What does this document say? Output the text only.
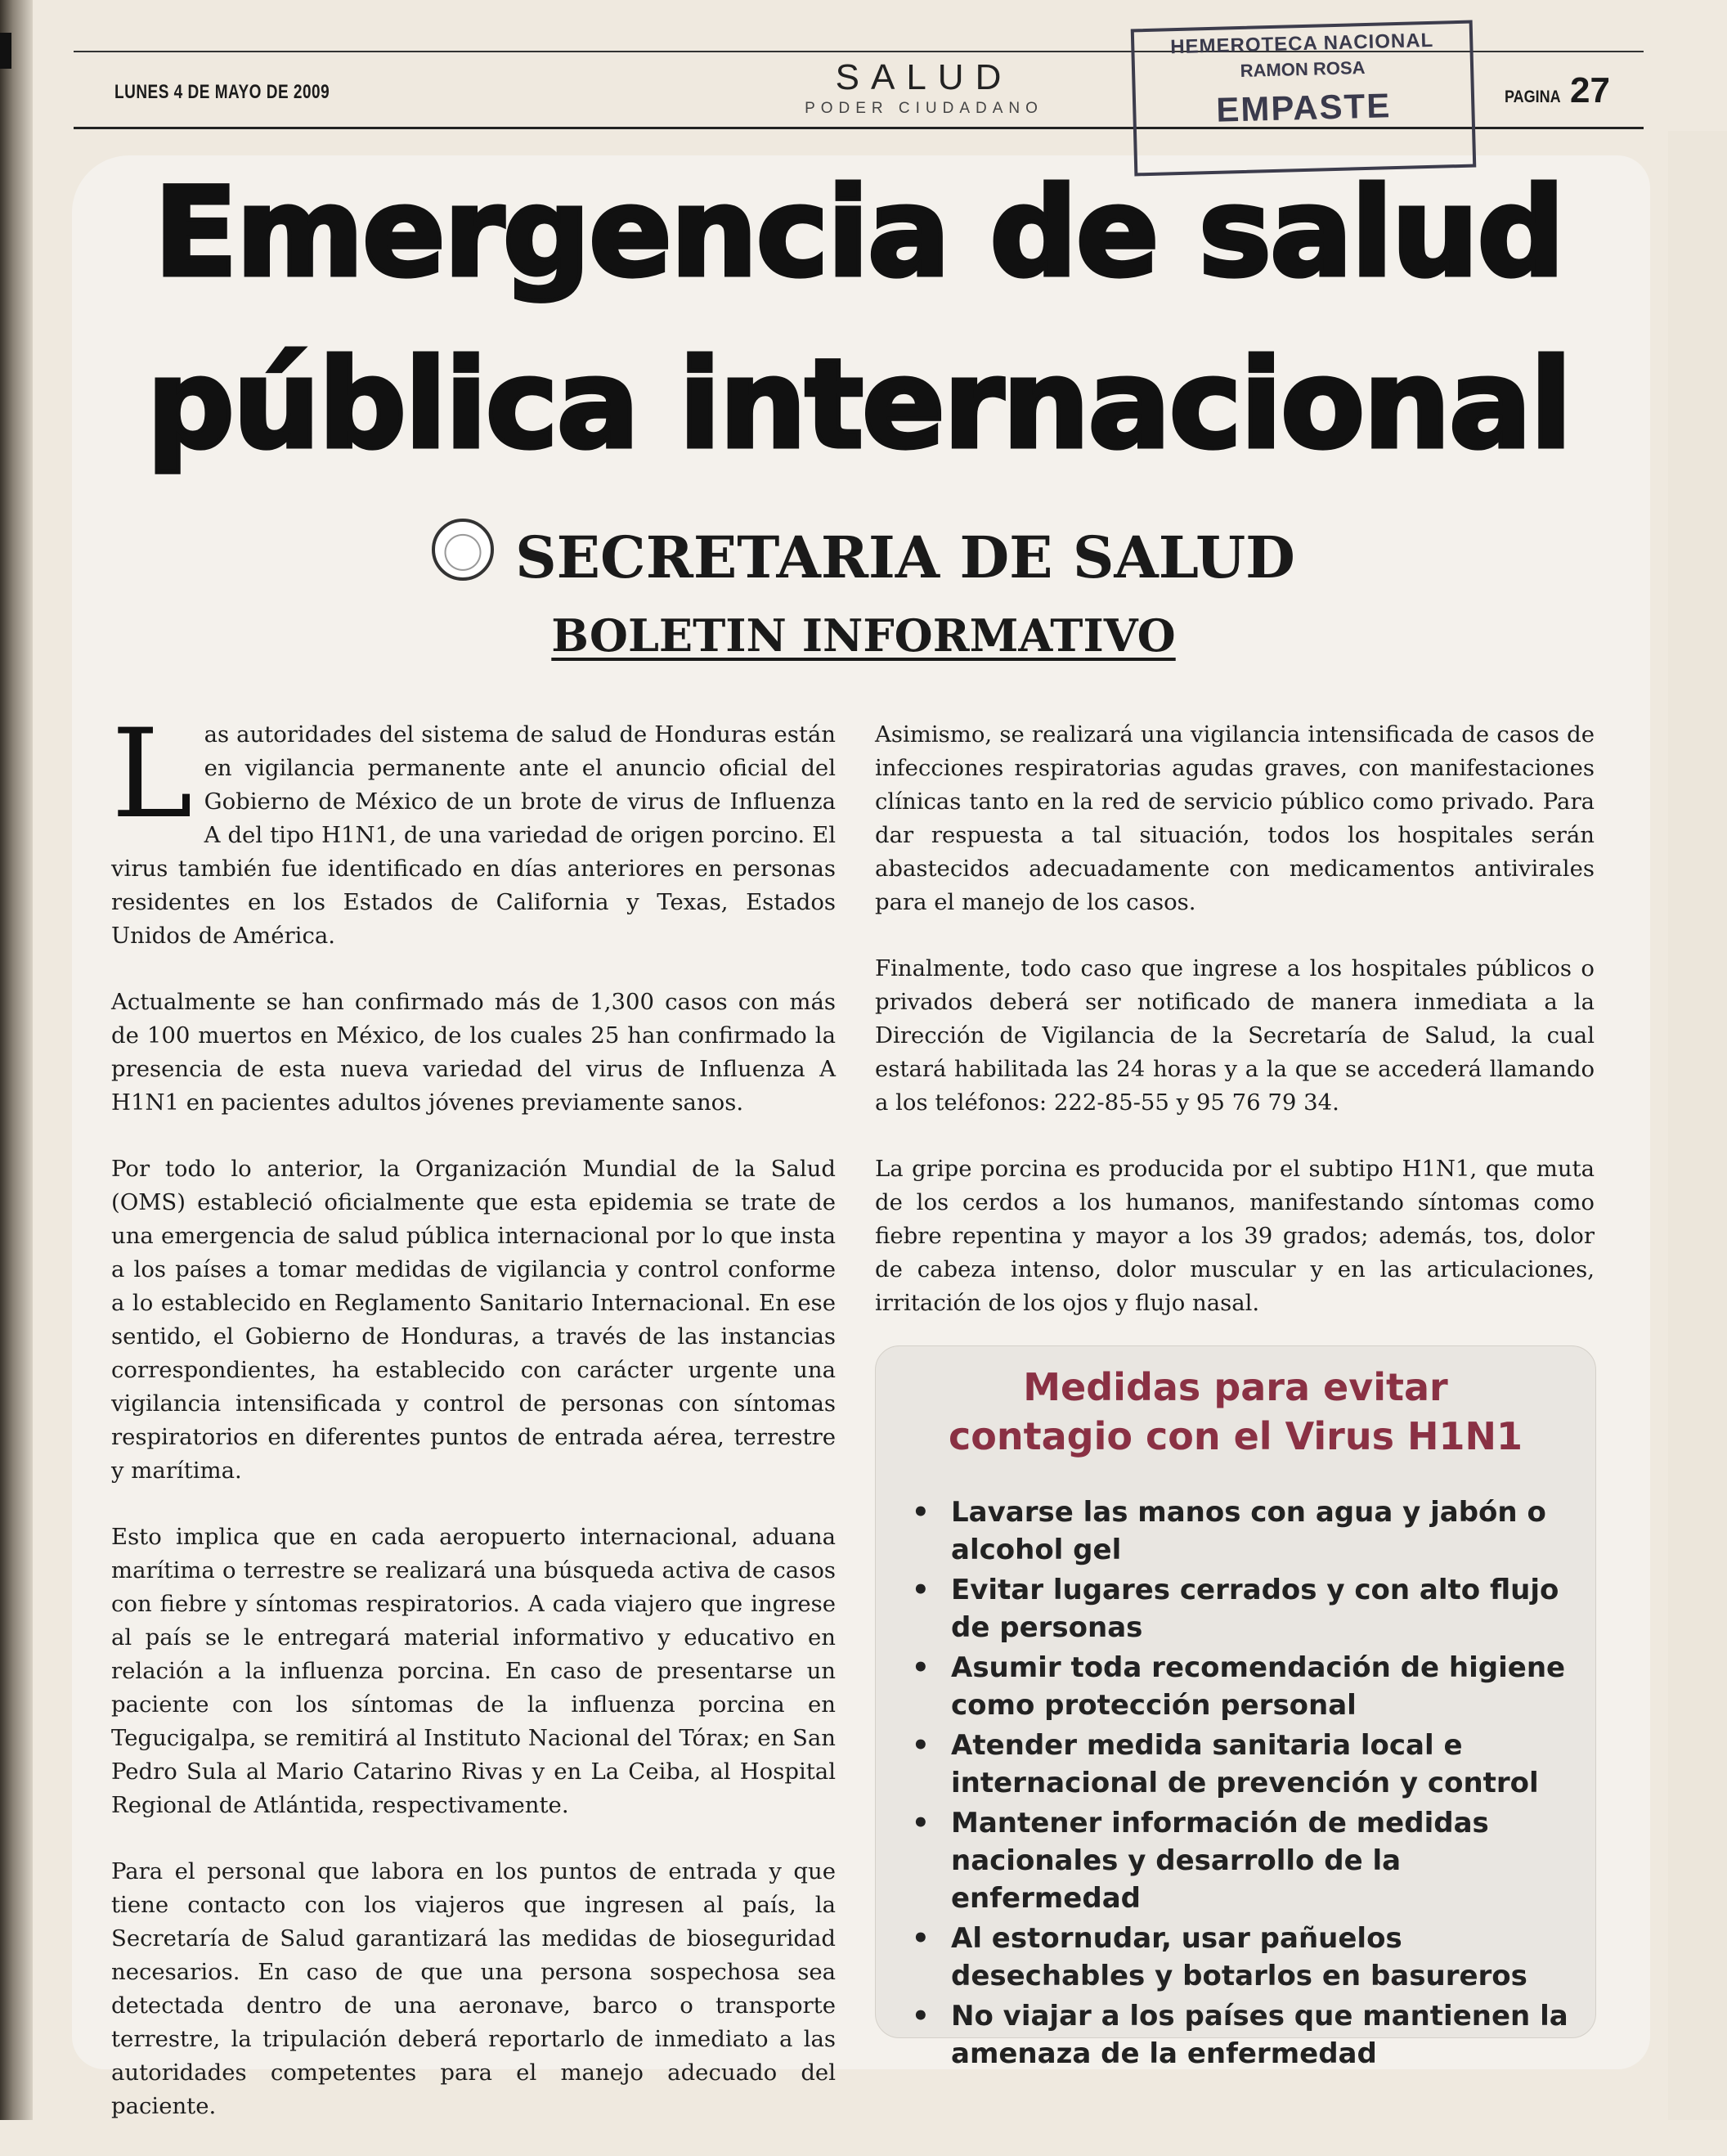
LUNES 4 DE MAYO DE 2009	SALUD
PODER CIUDADANO
PAGINA 27
HEMEROTECA NACIONAL
RAMON ROSA
EMPASTE
Emergencia de salud
pública internacional
SECRETARIA DE SALUD
BOLETIN INFORMATIVO

Las autoridades del sistema de salud de Honduras están en vigilancia permanente ante el anuncio oficial del Gobierno de México de un brote de virus de Influenza A del tipo H1N1, de una variedad de origen porcino. El virus también fue identificado en días anteriores en personas residentes en los Estados de California y Texas, Estados Unidos de América.

Actualmente se han confirmado más de 1,300 casos con más de 100 muertos en México, de los cuales 25 han confirmado la presencia de esta nueva variedad del virus de Influenza A H1N1 en pacientes adultos jóvenes previamente sanos.

Por todo lo anterior, la Organización Mundial de la Salud (OMS) estableció oficialmente que esta epidemia se trate de una emergencia de salud pública internacional por lo que insta a los países a tomar medidas de vigilancia y control conforme a lo establecido en Reglamento Sanitario Internacional. En ese sentido, el Gobierno de Honduras, a través de las instancias correspondientes, ha establecido con carácter urgente una vigilancia intensificada y control de personas con síntomas respiratorios en diferentes puntos de entrada aérea, terrestre y marítima.

Esto implica que en cada aeropuerto internacional, aduana marítima o terrestre se realizará una búsqueda activa de casos con fiebre y síntomas respiratorios. A cada viajero que ingrese al país se le entregará material informativo y educativo en relación a la influenza porcina. En caso de presentarse un paciente con los síntomas de la influenza porcina en Tegucigalpa, se remitirá al Instituto Nacional del Tórax; en San Pedro Sula al Mario Catarino Rivas y en La Ceiba, al Hospital Regional de Atlántida, respectivamente.

Para el personal que labora en los puntos de entrada y que tiene contacto con los viajeros que ingresen al país, la Secretaría de Salud garantizará las medidas de bioseguridad necesarios. En caso de que una persona sospechosa sea detectada dentro de una aeronave, barco o transporte terrestre, la tripulación deberá reportarlo de inmediato a las autoridades competentes para el manejo adecuado del paciente.

Asimismo, se realizará una vigilancia intensificada de casos de infecciones respiratorias agudas graves, con manifestaciones clínicas tanto en la red de servicio público como privado. Para dar respuesta a tal situación, todos los hospitales serán abastecidos adecuadamente con medicamentos antivirales para el manejo de los casos.

Finalmente, todo caso que ingrese a los hospitales públicos o privados deberá ser notificado de manera inmediata a la Dirección de Vigilancia de la Secretaría de Salud, la cual estará habilitada las 24 horas y a la que se accederá llamando a los teléfonos: 222-85-55 y 95 76 79 34.

La gripe porcina es producida por el subtipo H1N1, que muta de los cerdos a los humanos, manifestando síntomas como fiebre repentina y mayor a los 39 grados; además, tos, dolor de cabeza intenso, dolor muscular y en las articulaciones, irritación de los ojos y flujo nasal.

Medidas para evitar
contagio con el Virus H1N1
• Lavarse las manos con agua y jabón o alcohol gel
• Evitar lugares cerrados y con alto flujo de personas
• Asumir toda recomendación de higiene como protección personal
• Atender medida sanitaria local e internacional de prevención y control
• Mantener información de medidas nacionales y desarrollo de la enfermedad
• Al estornudar, usar pañuelos desechables y botarlos en basureros
• No viajar a los países que mantienen la amenaza de la enfermedad
